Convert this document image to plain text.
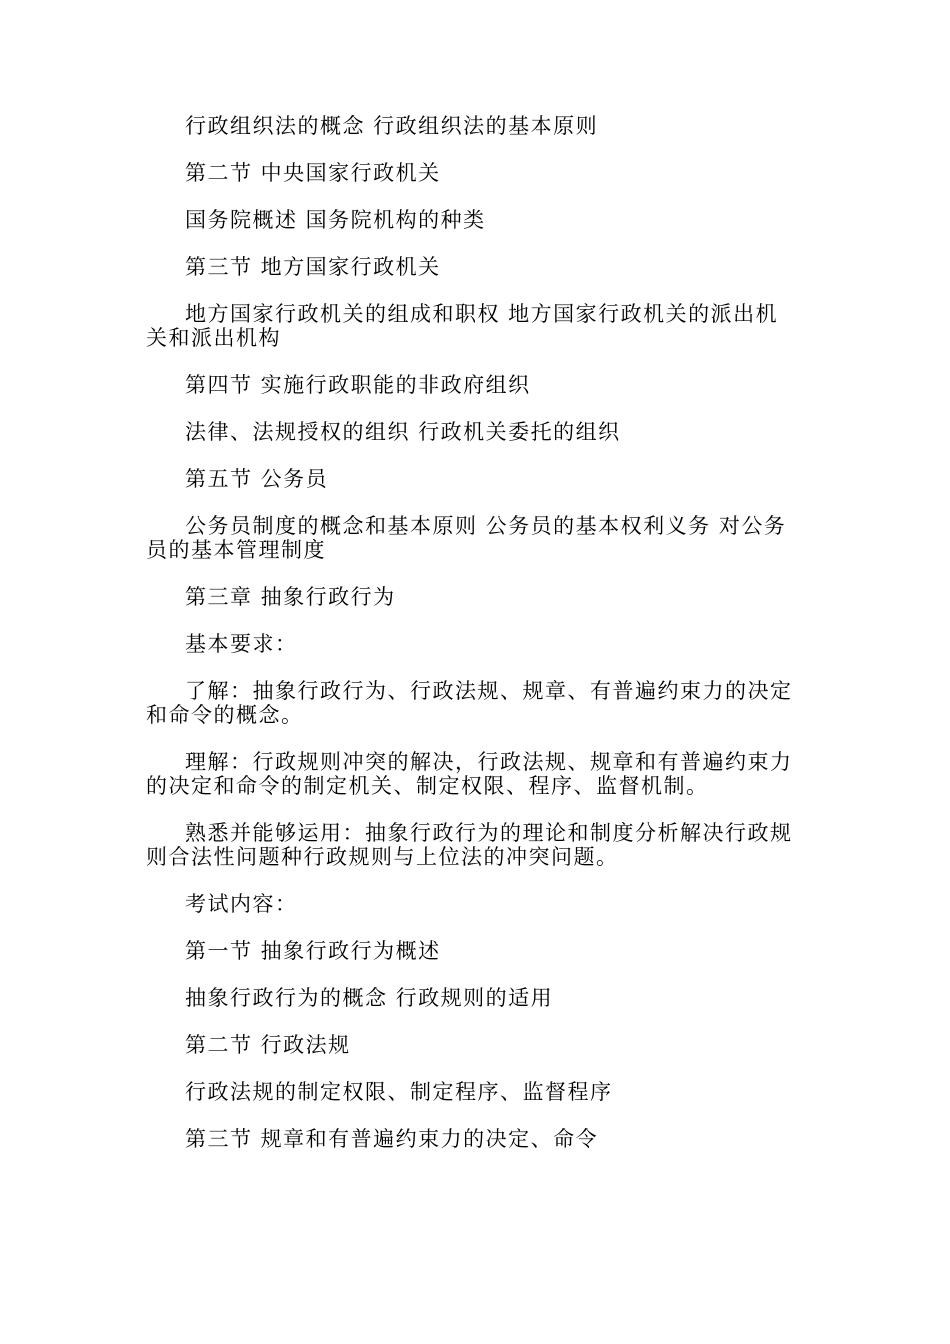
行政组织法的概念 行政组织法的基本原则

第二节 中央国家行政机关

国务院概述 国务院机构的种类

第三节 地方国家行政机关

地方国家行政机关的组成和职权 地方国家行政机关的派出机关和派出机构

第四节 实施行政职能的非政府组织

法律、法规授权的组织 行政机关委托的组织

第五节 公务员

公务员制度的概念和基本原则 公务员的基本权利义务 对公务员的基本管理制度

第三章 抽象行政行为

基本要求：

了解：抽象行政行为、行政法规、规章、有普遍约束力的决定和命令的概念。

理解：行政规则冲突的解决，行政法规、规章和有普遍约束力的决定和命令的制定机关、制定权限、程序、监督机制。

熟悉并能够运用：抽象行政行为的理论和制度分析解决行政规则合法性问题种行政规则与上位法的冲突问题。

考试内容：

第一节 抽象行政行为概述

抽象行政行为的概念 行政规则的适用

第二节 行政法规

行政法规的制定权限、制定程序、监督程序

第三节 规章和有普遍约束力的决定、命令
